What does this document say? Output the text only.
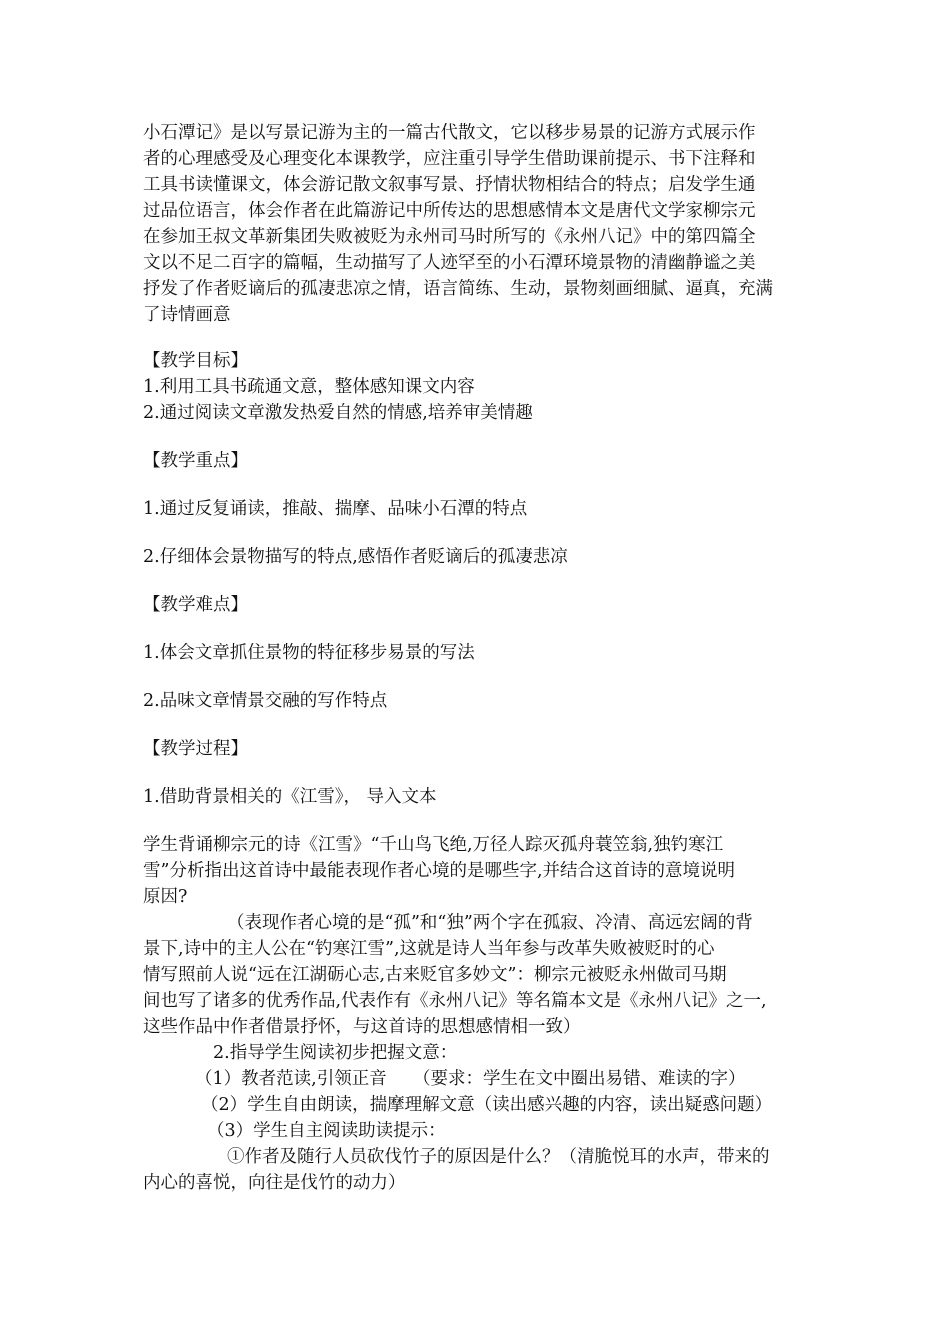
小石潭记》是以写景记游为主的一篇古代散文，它以移步易景的记游方式展示作
者的心理感受及心理变化本课教学，应注重引导学生借助课前提示、书下注释和
工具书读懂课文，体会游记散文叙事写景、抒情状物相结合的特点；启发学生通
过品位语言，体会作者在此篇游记中所传达的思想感情本文是唐代文学家柳宗元
在参加王叔文革新集团失败被贬为永州司马时所写的《永州八记》中的第四篇全
文以不足二百字的篇幅，生动描写了人迹罕至的小石潭环境景物的清幽静谧之美
抒发了作者贬谪后的孤凄悲凉之情，语言简练、生动，景物刻画细腻、逼真，充满
了诗情画意

【教学目标】

1.利用工具书疏通文意，整体感知课文内容

2.通过阅读文章激发热爱自然的情感,培养审美情趣

【教学重点】

1.通过反复诵读，推敲、揣摩、品味小石潭的特点

2.仔细体会景物描写的特点,感悟作者贬谪后的孤凄悲凉

【教学难点】

1.体会文章抓住景物的特征移步易景的写法

2.品味文章情景交融的写作特点

【教学过程】

1.借助背景相关的《江雪》， 导入文本

学生背诵柳宗元的诗《江雪》“千山鸟飞绝,万径人踪灭孤舟蓑笠翁,独钓寒江
雪”分析指出这首诗中最能表现作者心境的是哪些字,并结合这首诗的意境说明
原因?

（表现作者心境的是“孤”和“独”两个字在孤寂、冷清、高远宏阔的背
景下,诗中的主人公在“钓寒江雪”,这就是诗人当年参与改革失败被贬时的心
情写照前人说“远在江湖砺心志,古来贬官多妙文”：柳宗元被贬永州做司马期
间也写了诸多的优秀作品,代表作有《永州八记》等名篇本文是《永州八记》之一,
这些作品中作者借景抒怀，与这首诗的思想感情相一致）

2.指导学生阅读初步把握文意：

（1）教者范读,引领正音　　（要求：学生在文中圈出易错、难读的字）

（2）学生自由朗读，揣摩理解文意（读出感兴趣的内容，读出疑惑问题）

（3）学生自主阅读助读提示：

①作者及随行人员砍伐竹子的原因是什么？（清脆悦耳的水声，带来的
内心的喜悦，向往是伐竹的动力）
